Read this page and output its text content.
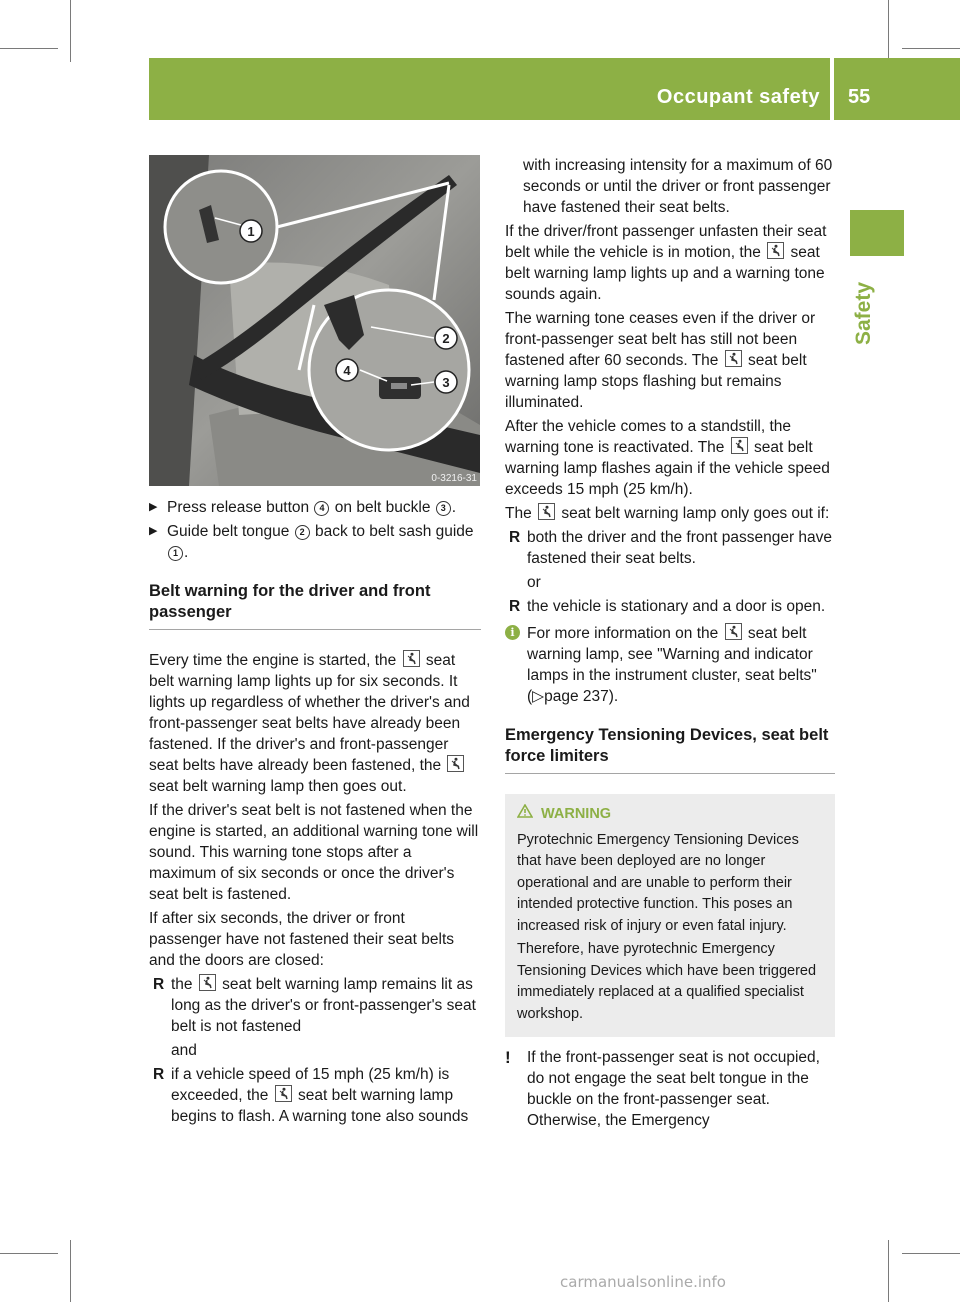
Occupant safety 55
Safety
1
2
3
4
0-3216-31
▶ Press release button 4 on belt buckle 3 .
▶ Guide belt tongue 2 back to belt sash guide 1 .
Belt warning for the driver and front passenger

Every time the engine is started, the
seat belt warning lamp lights up for six seconds. It lights up regardless of whether the driver's and front-passenger seat belts have already been fastened. If the driver's and front-passenger seat belts have already been fastened, the
seat belt warning lamp then goes out.

If the driver's seat belt is not fastened when the engine is started, an additional warning tone will sound. This warning tone stops after a maximum of six seconds or once the driver's seat belt is fastened.

If after six seconds, the driver or front passenger have not fastened their seat belts and the doors are closed:

R the
seat belt warning lamp remains lit as long as the driver's or front-passenger's seat belt is not fastened

and

R if a vehicle speed of 15 mph (25 km/h) is exceeded, the
seat belt warning lamp begins to flash. A warning tone also sounds

with increasing intensity for a maximum of 60 seconds or until the driver or front passenger have fastened their seat belts.

If the driver/front passenger unfasten their seat belt while the vehicle is in motion, the
seat belt warning lamp lights up and a warning tone sounds again.

The warning tone ceases even if the driver or front-passenger seat belt has still not been fastened after 60 seconds. The
seat belt warning lamp stops flashing but remains illuminated.

After the vehicle comes to a standstill, the warning tone is reactivated. The
seat belt warning lamp flashes again if the vehicle speed exceeds 15 mph (25 km/h).

The
seat belt warning lamp only goes out if:

R both the driver and the front passenger have fastened their seat belts.

or

R the vehicle is stationary and a door is open.
i For more information on the
seat belt warning lamp, see "Warning and indicator lamps in the instrument cluster, seat belts" (▷page 237).
Emergency Tensioning Devices, seat belt force limiters
WARNING

Pyrotechnic Emergency Tensioning Devices that have been deployed are no longer operational and are unable to perform their intended protective function. This poses an increased risk of injury or even fatal injury.

Therefore, have pyrotechnic Emergency Tensioning Devices which have been triggered immediately replaced at a qualified specialist workshop.

! If the front-passenger seat is not occupied, do not engage the seat belt tongue in the buckle on the front-passenger seat. Otherwise, the Emergency
carmanualsonline.info
